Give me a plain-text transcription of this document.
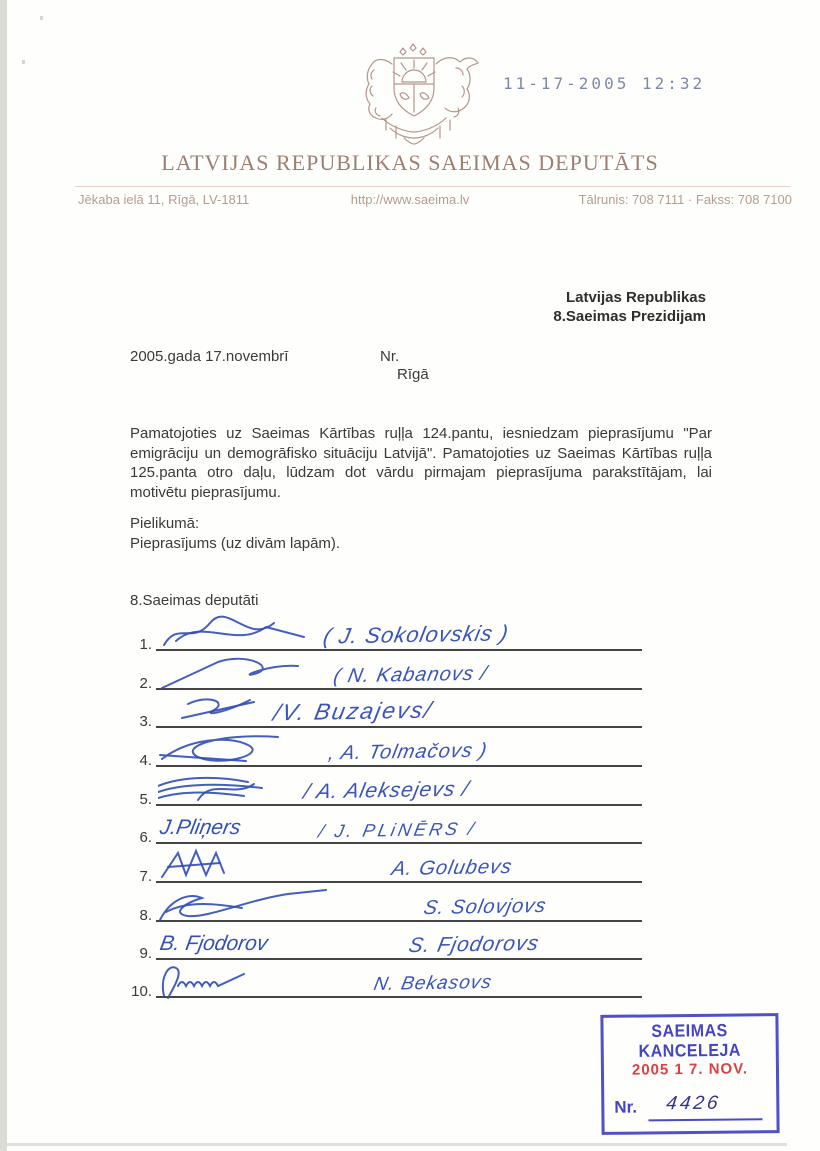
11-17-2005 12:32
LATVIJAS REPUBLIKAS SAEIMAS DEPUTĀTS
Jēkaba ielā 11, Rīgā, LV-1811	http://www.saeima.lv	Tālrunis: 708 7111 · Fakss: 708 7100
Latvijas Republikas
8.Saeimas Prezidijam
2005.gada 17.novembrī	Nr.
Rīgā
Pamatojoties uz Saeimas Kārtības ruļļa 124.pantu, iesniedzam pieprasījumu "Par emigrāciju un demogrāfisko situāciju Latvijā". Pamatojoties uz Saeimas Kārtības ruļļa 125.panta otro daļu, lūdzam dot vārdu pirmajam pieprasījuma parakstītājam, lai motivētu pieprasījumu.
Pielikumā:
Pieprasījums (uz divām lapām).
8.Saeimas deputāti
1.	( J. Sokolovskis )
2.	( N. Kabanovs /
3.	/V. Buzajevs/
4.	, A. Tolmačovs )
5.	/ A. Aleksejevs /
6. J.Pliņers	/ J. PLiNĒRS /
7.	A. Golubevs
8.	S. Solovjovs
9. B. Fjodorov	S. Fjodorovs
10.	N. Bekasovs
SAEIMAS KANCELEJA
2005 1 7. NOV.
Nr. 4426
